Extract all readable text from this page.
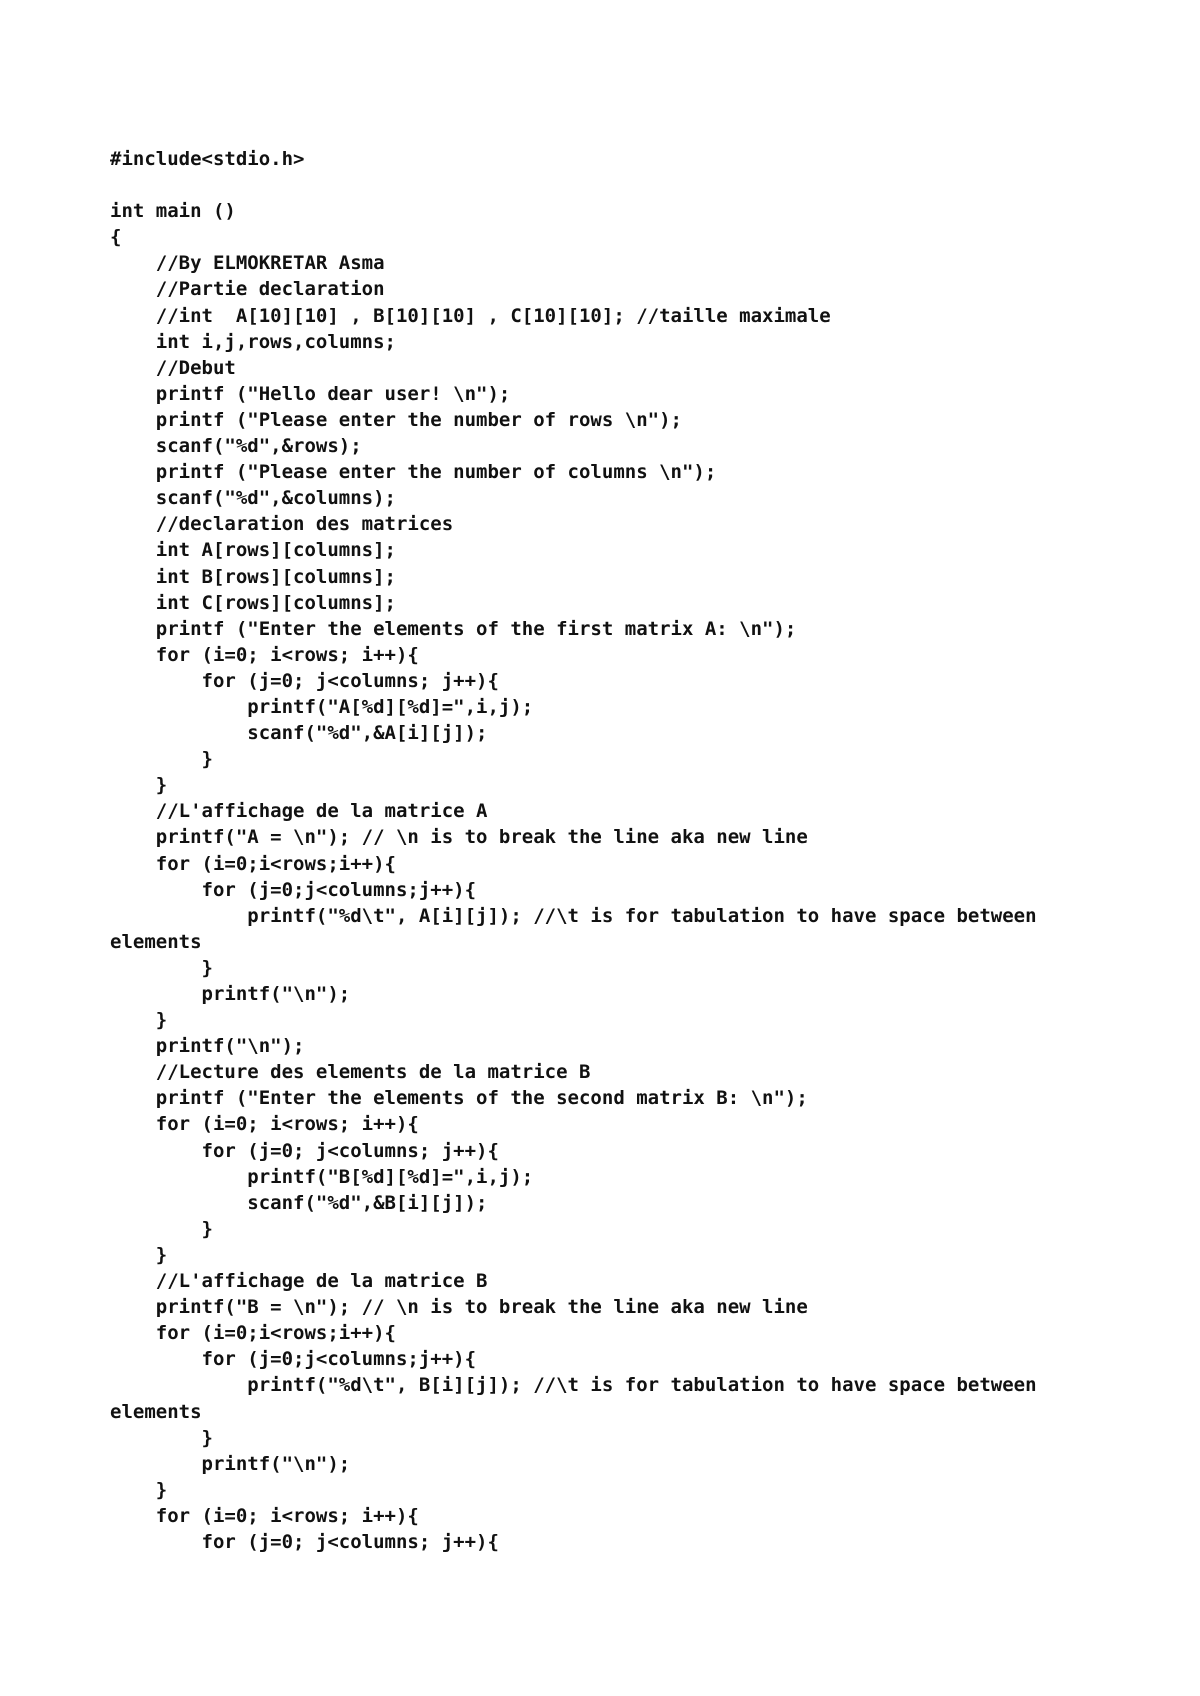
#include<stdio.h>
int main ()
{
//By ELMOKRETAR Asma
//Partie declaration
//int  A[10][10] , B[10][10] , C[10][10]; //taille maximale
int i,j,rows,columns;
//Debut
printf ("Hello dear user! \n");
printf ("Please enter the number of rows \n");
scanf("%d",&rows);
printf ("Please enter the number of columns \n");
scanf("%d",&columns);
//declaration des matrices
int A[rows][columns];
int B[rows][columns];
int C[rows][columns];
printf ("Enter the elements of the first matrix A: \n");
for (i=0; i<rows; i++){
for (j=0; j<columns; j++){
printf("A[%d][%d]=",i,j);
scanf("%d",&A[i][j]);
}
}
//L'affichage de la matrice A
printf("A = \n"); // \n is to break the line aka new line
for (i=0;i<rows;i++){
for (j=0;j<columns;j++){
printf("%d\t", A[i][j]); //\t is for tabulation to have space between
elements
}
printf("\n");
}
printf("\n");
//Lecture des elements de la matrice B
printf ("Enter the elements of the second matrix B: \n");
for (i=0; i<rows; i++){
for (j=0; j<columns; j++){
printf("B[%d][%d]=",i,j);
scanf("%d",&B[i][j]);
}
}
//L'affichage de la matrice B
printf("B = \n"); // \n is to break the line aka new line
for (i=0;i<rows;i++){
for (j=0;j<columns;j++){
printf("%d\t", B[i][j]); //\t is for tabulation to have space between
elements
}
printf("\n");
}
for (i=0; i<rows; i++){
for (j=0; j<columns; j++){
